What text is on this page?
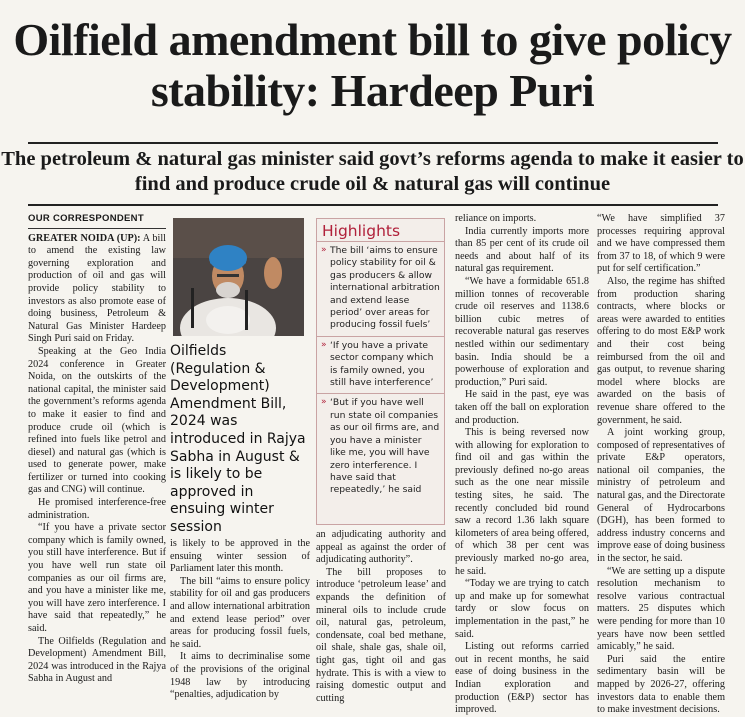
Oilfield amendment bill to give policy stability: Hardeep Puri
The petroleum & natural gas minister said govt’s reforms agenda to make it easier to find and produce crude oil & natural gas will continue

OUR CORRESPONDENT

GREATER NOIDA (UP): A bill to amend the existing law governing exploration and production of oil and gas will provide policy stability to investors as also promote ease of doing business, Petroleum & Natural Gas Minister Hardeep Singh Puri said on Friday.

Speaking at the Geo India 2024 conference in Greater Noida, on the outskirts of the national capital, the minister said the government’s reforms agenda to make it easier to find and produce crude oil (which is refined into fuels like petrol and diesel) and natural gas (which is used to generate power, make fertilizer or turned into cooking gas and CNG) will continue.

He promised interference-free administration.

“If you have a private sector company which is family owned, you still have interference. But if you have well run state oil companies as our oil firms are, and you have a minister like me, you will have zero interference. I have said that repeatedly,” he said.

The Oilfields (Regulation and Development) Amendment Bill, 2024 was introduced in the Rajya Sabha in August and

Oilfields (Regulation & Development) Amendment Bill, 2024 was introduced in Rajya Sabha in August & is likely to be approved in ensuing winter session
Highlights
» The bill ‘aims to ensure policy stability for oil & gas producers & allow international arbitration and extend lease period’ over areas for producing fossil fuels’
» ‘If you have a private sector company which is family owned, you still have interference’
» ‘But if you have well run state oil companies as our oil firms are, and you have a minister like me, you will have zero interference. I have said that repeatedly,’ he said

is likely to be approved in the ensuing winter session of Parliament later this month.

The bill “aims to ensure policy stability for oil and gas producers and allow international arbitration and extend lease period” over areas for producing fossil fuels, he said.

It aims to decriminalise some of the provisions of the original 1948 law by introducing “penalties, adjudication by

an adjudicating authority and appeal as against the order of adjudicating authority”.

The bill proposes to introduce ‘petroleum lease’ and expands the definition of mineral oils to include crude oil, natural gas, petroleum, condensate, coal bed methane, oil shale, shale gas, shale oil, tight gas, tight oil and gas hydrate. This is with a view to raising domestic output and cutting

reliance on imports.

India currently imports more than 85 per cent of its crude oil needs and about half of its natural gas requirement.

“We have a formidable 651.8 million tonnes of recoverable crude oil reserves and 1138.6 billion cubic metres of recoverable natural gas reserves nestled within our sedimentary basin. India should be a powerhouse of exploration and production,” Puri said.

He said in the past, eye was taken off the ball on exploration and production.

This is being reversed now with allowing for exploration to find oil and gas within the previously defined no-go areas such as the one near missile testing sites, he said. The recently concluded bid round saw a record 1.36 lakh square kilometers of area being offered, of which 38 per cent was previously marked no-go area, he said.

“Today we are trying to catch up and make up for somewhat tardy or slow focus on implementation in the past,” he said.

Listing out reforms carried out in recent months, he said ease of doing business in the Indian exploration and production (E&P) sector has improved.

“We have simplified 37 processes requiring approval and we have compressed them from 37 to 18, of which 9 were put for self certification.”

Also, the regime has shifted from production sharing contracts, where blocks or areas were awarded to entities offering to do most E&P work and their cost being reimbursed from the oil and gas output, to revenue sharing model where blocks are awarded on the basis of revenue share offered to the government, he said.

A joint working group, composed of representatives of private E&P operators, national oil companies, the ministry of petroleum and natural gas, and the Directorate General of Hydrocarbons (DGH), has been formed to address industry concerns and improve ease of doing business in the sector, he said.

“We are setting up a dispute resolution mechanism to resolve various contractual matters. 25 disputes which were pending for more than 10 years have now been settled amicably,” he said.

Puri said the entire sedimentary basin will be mapped by 2026-27, offering investors data to enable them to make investment decisions.
